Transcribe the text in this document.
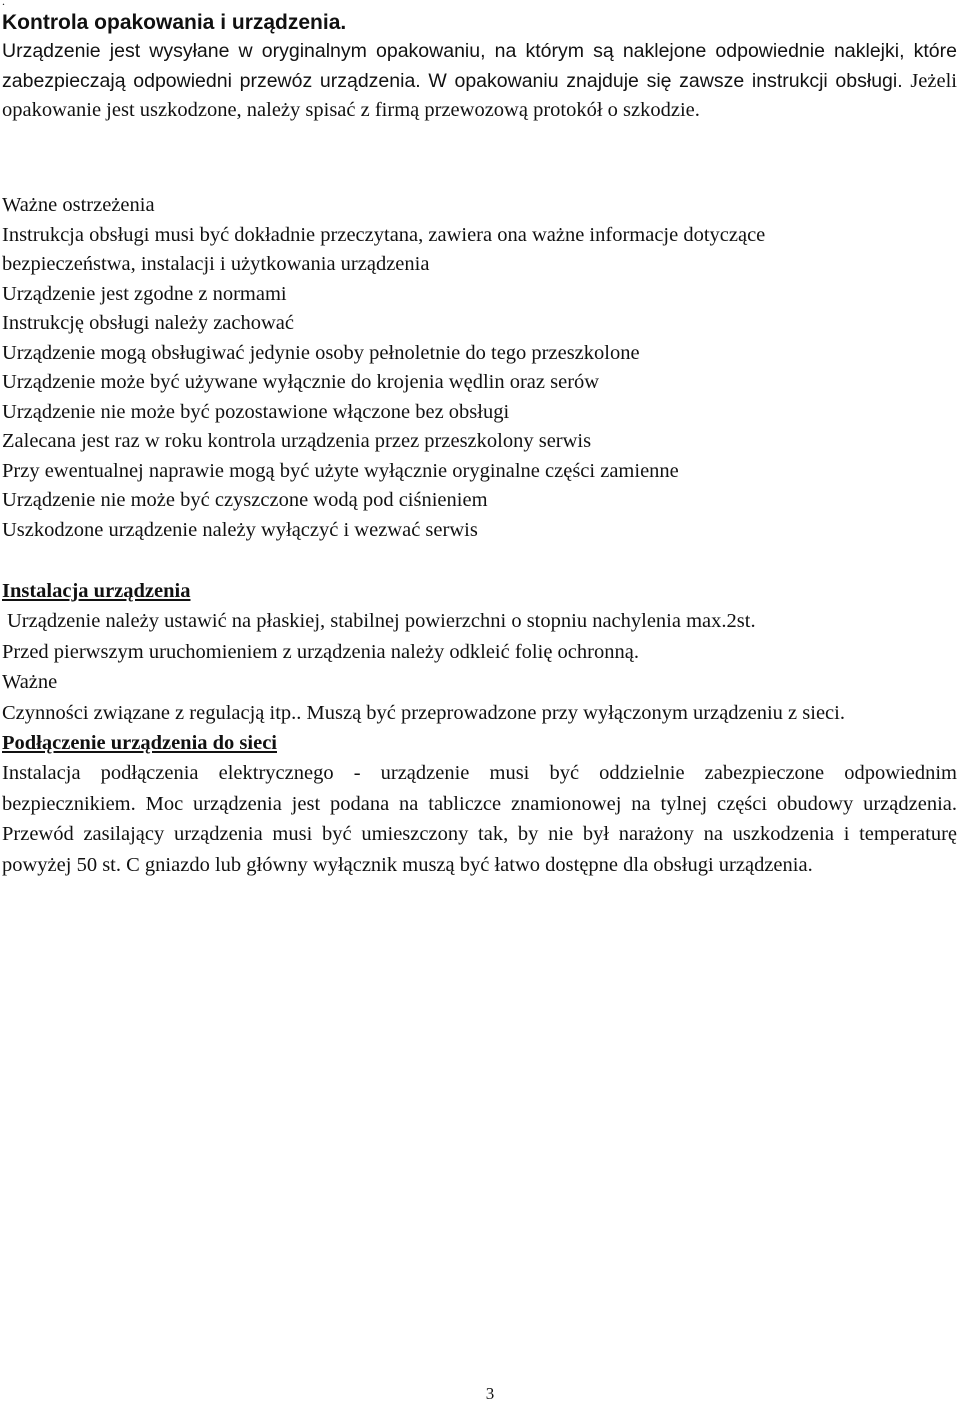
.
Kontrola opakowania i urządzenia.

Urządzenie jest wysyłane w oryginalnym opakowaniu, na którym są naklejone odpowiednie naklejki, które zabezpieczają odpowiedni przewóz urządzenia. W opakowaniu znajduje się zawsze instrukcji obsługi. Jeżeli opakowanie jest uszkodzone, należy spisać z firmą przewozową protokół o szkodzie.

Ważne ostrzeżenia
Instrukcja obsługi musi być dokładnie przeczytana, zawiera ona ważne informacje dotyczące
bezpieczeństwa, instalacji i użytkowania urządzenia
Urządzenie jest zgodne z normami
Instrukcję obsługi należy zachować
Urządzenie mogą obsługiwać jedynie osoby pełnoletnie do tego przeszkolone
Urządzenie może być używane wyłącznie do krojenia wędlin oraz serów
Urządzenie nie może być pozostawione włączone bez obsługi
Zalecana jest raz w roku kontrola urządzenia przez przeszkolony serwis
Przy ewentualnej naprawie mogą być użyte wyłącznie oryginalne części zamienne
Urządzenie nie może być czyszczone wodą pod ciśnieniem
Uszkodzone urządzenie należy wyłączyć i wezwać serwis
Instalacja urządzenia
Urządzenie należy ustawić na płaskiej, stabilnej powierzchni o stopniu nachylenia max.2st.
Przed pierwszym uruchomieniem z urządzenia należy odkleić folię ochronną.
Ważne

Czynności związane z regulacją itp.. Muszą być przeprowadzone przy wyłączonym urządzeniu z sieci.

Podłączenie urządzenia do sieci

Instalacja podłączenia elektrycznego - urządzenie musi być oddzielnie zabezpieczone odpowiednim bezpiecznikiem. Moc urządzenia jest podana na tabliczce znamionowej na tylnej części obudowy urządzenia. Przewód zasilający urządzenia musi być umieszczony tak, by nie był narażony na uszkodzenia i temperaturę powyżej 50 st. C gniazdo lub główny wyłącznik muszą być łatwo dostępne dla obsługi urządzenia.

3
